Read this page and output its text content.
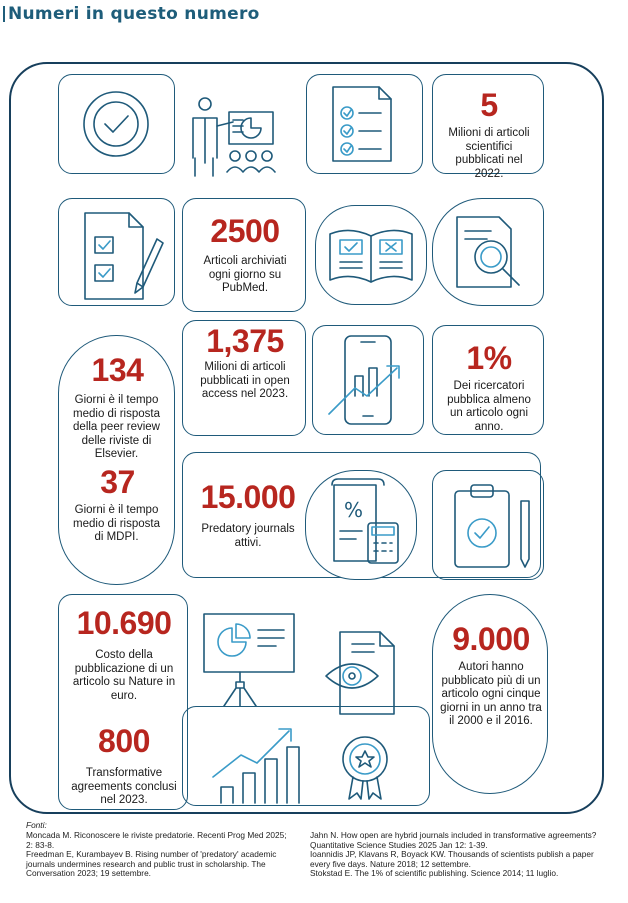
Numeri in questo numero
5
Milioni di articoli scientifici pubblicati nel 2022.
2500
Articoli archiviati ogni giorno su PubMed.
134
Giorni è il tempo medio di risposta della peer review delle riviste di Elsevier.
37
Giorni è il tempo medio di risposta di MDPI.
1,375
Milioni di articoli pubblicati in open access nel 2023.
1%
Dei ricercatori pubblica almeno un articolo ogni anno.
15.000
Predatory journals attivi.
%
10.690
Costo della pubblicazione di un articolo su Nature in euro.
800
Transformative agreements conclusi nel 2023.
9.000
Autori hanno pubblicato più di un articolo ogni cinque giorni in un anno tra il 2000 e il 2016.
Fonti:
Moncada M. Riconoscere le riviste predatorie. Recenti Prog Med 2025; 2: 83-8.
Freedman E, Kurambayev B. Rising number of 'predatory' academic journals undermines research and public trust in scholarship. The Conversation 2023; 19 settembre.
Jahn N. How open are hybrid journals included in transformative agreements? Quantitative Science Studies 2025 Jan 12: 1-39.
Ioannidis JP, Klavans R, Boyack KW. Thousands of scientists publish a paper every five days. Nature 2018; 12 settembre.
Stokstad E. The 1% of scientific publishing. Science 2014; 11 luglio.
